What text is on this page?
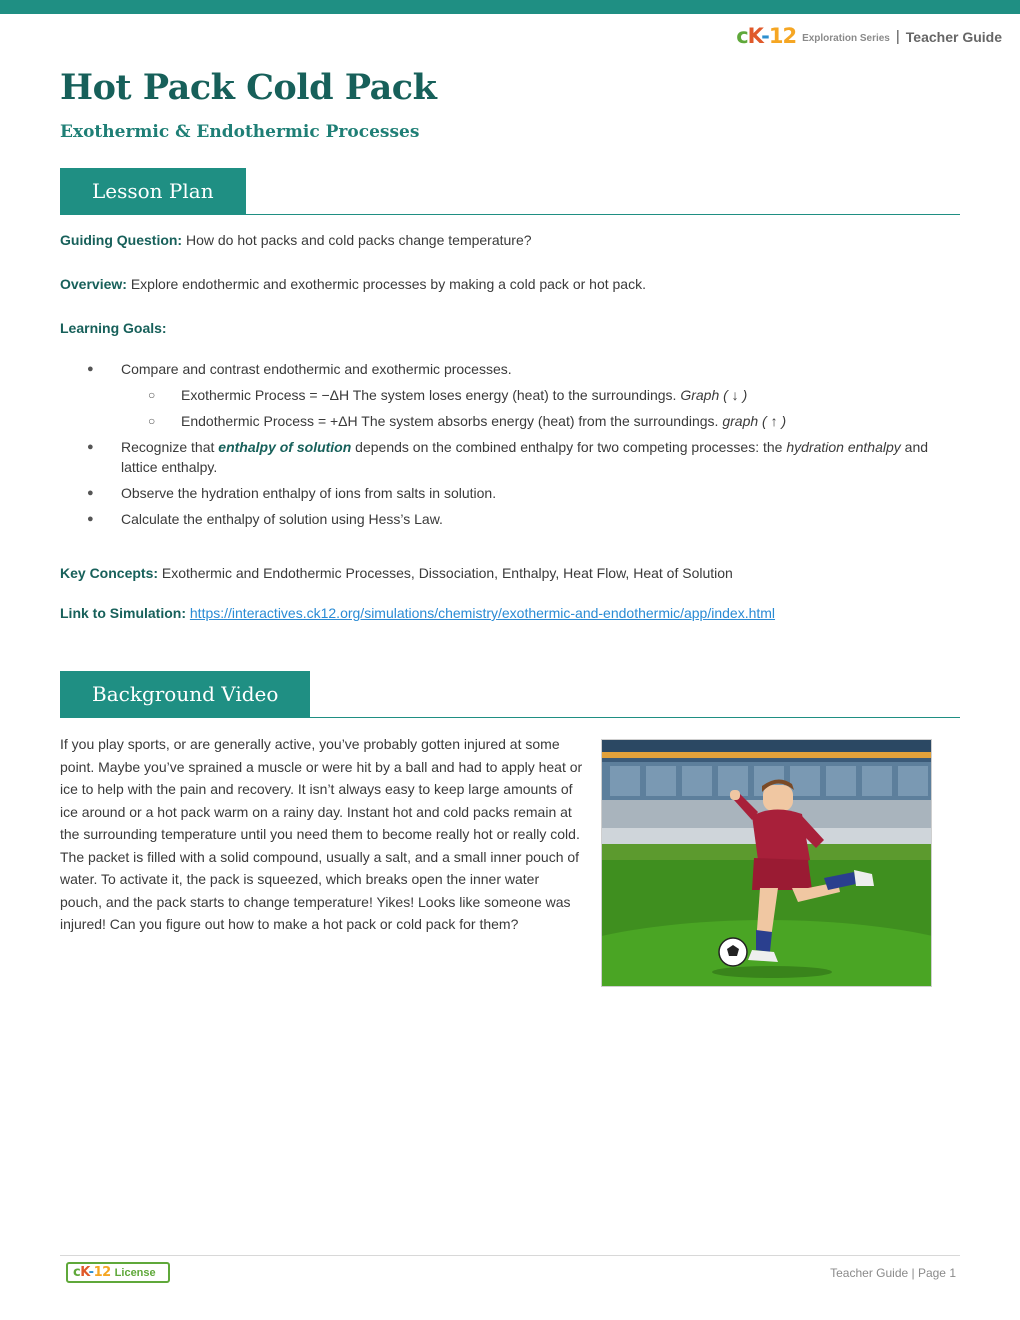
cK-12 Exploration Series | Teacher Guide
Hot Pack Cold Pack
Exothermic & Endothermic Processes
Lesson Plan

Guiding Question: How do hot packs and cold packs change temperature?

Overview: Explore endothermic and exothermic processes by making a cold pack or hot pack.

Learning Goals:

● Compare and contrast endothermic and exothermic processes.
○ Exothermic Process = −ΔH The system loses energy (heat) to the surroundings. Graph ( ↓ )
○ Endothermic Process = +ΔH The system absorbs energy (heat) from the surroundings. graph ( ↑ )
● Recognize that enthalpy of solution depends on the combined enthalpy for two competing processes: the hydration enthalpy and lattice enthalpy.
● Observe the hydration enthalpy of ions from salts in solution.
● Calculate the enthalpy of solution using Hess’s Law.

Key Concepts: Exothermic and Endothermic Processes, Dissociation, Enthalpy, Heat Flow, Heat of Solution

Link to Simulation: https://interactives.ck12.org/simulations/chemistry/exothermic-and-endothermic/app/index.html

Background Video

If you play sports, or are generally active, you’ve probably gotten injured at some point. Maybe you’ve sprained a muscle or were hit by a ball and had to apply heat or ice to help with the pain and recovery. It isn’t always easy to keep large amounts of ice around or a hot pack warm on a rainy day. Instant hot and cold packs remain at the surrounding temperature until you need them to become really hot or really cold. The packet is filled with a solid compound, usually a salt, and a small inner pouch of water. To activate it, the pack is squeezed, which breaks open the inner water pouch, and the pack starts to change temperature! Yikes! Looks like someone was injured! Can you figure out how to make a hot pack or cold pack for them?

cK-12 License	Teacher Guide | Page 1
